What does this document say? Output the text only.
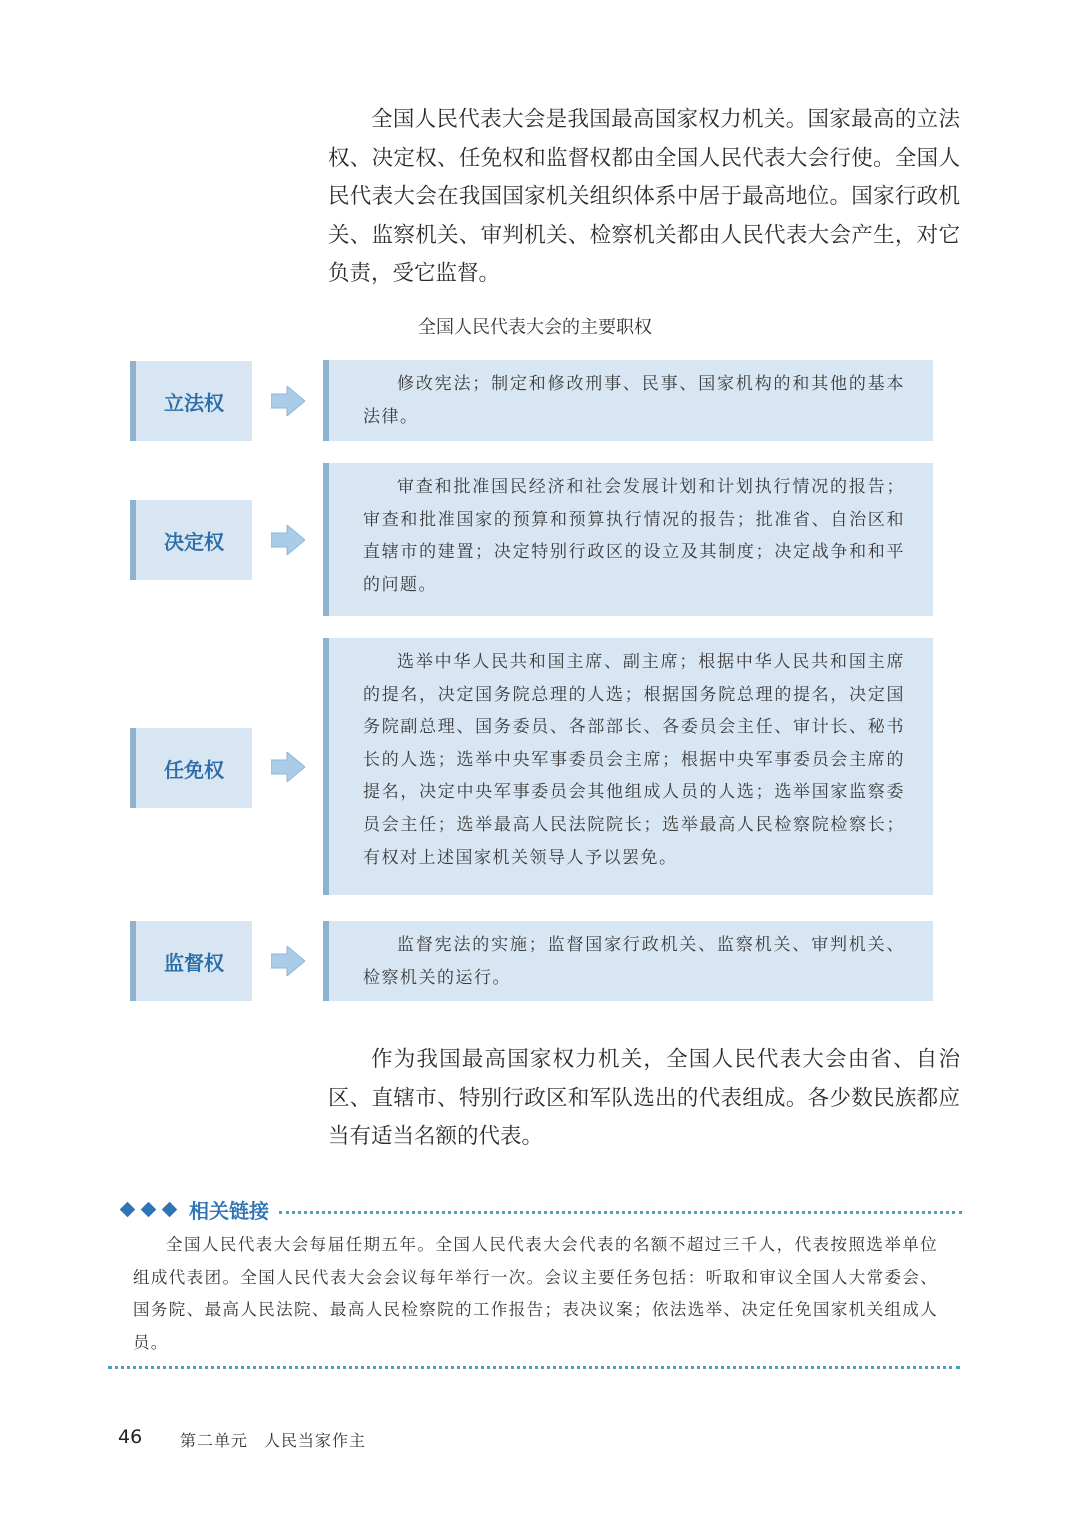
全国人民代表大会是我国最高国家权力机关。国家最高的立法权、决定权、任免权和监督权都由全国人民代表大会行使。全国人民代表大会在我国国家机关组织体系中居于最高地位。国家行政机关、监察机关、审判机关、检察机关都由人民代表大会产生，对它负责，受它监督。

全国人民代表大会的主要职权

立法权

修改宪法；制定和修改刑事、民事、国家机构的和其他的基本法律。

决定权

审查和批准国民经济和社会发展计划和计划执行情况的报告；审查和批准国家的预算和预算执行情况的报告；批准省、自治区和直辖市的建置；决定特别行政区的设立及其制度；决定战争和和平的问题。

任免权

选举中华人民共和国主席、副主席；根据中华人民共和国主席的提名，决定国务院总理的人选；根据国务院总理的提名，决定国务院副总理、国务委员、各部部长、各委员会主任、审计长、秘书长的人选；选举中央军事委员会主席；根据中央军事委员会主席的提名，决定中央军事委员会其他组成人员的人选；选举国家监察委员会主任；选举最高人民法院院长；选举最高人民检察院检察长；有权对上述国家机关领导人予以罢免。

监督权

监督宪法的实施；监督国家行政机关、监察机关、审判机关、检察机关的运行。

作为我国最高国家权力机关，全国人民代表大会由省、自治区、直辖市、特别行政区和军队选出的代表组成。各少数民族都应当有适当名额的代表。

相关链接

全国人民代表大会每届任期五年。全国人民代表大会代表的名额不超过三千人，代表按照选举单位组成代表团。全国人民代表大会会议每年举行一次。会议主要任务包括：听取和审议全国人大常委会、国务院、最高人民法院、最高人民检察院的工作报告；表决议案；依法选举、决定任免国家机关组成人员。

46 第二单元 人民当家作主
